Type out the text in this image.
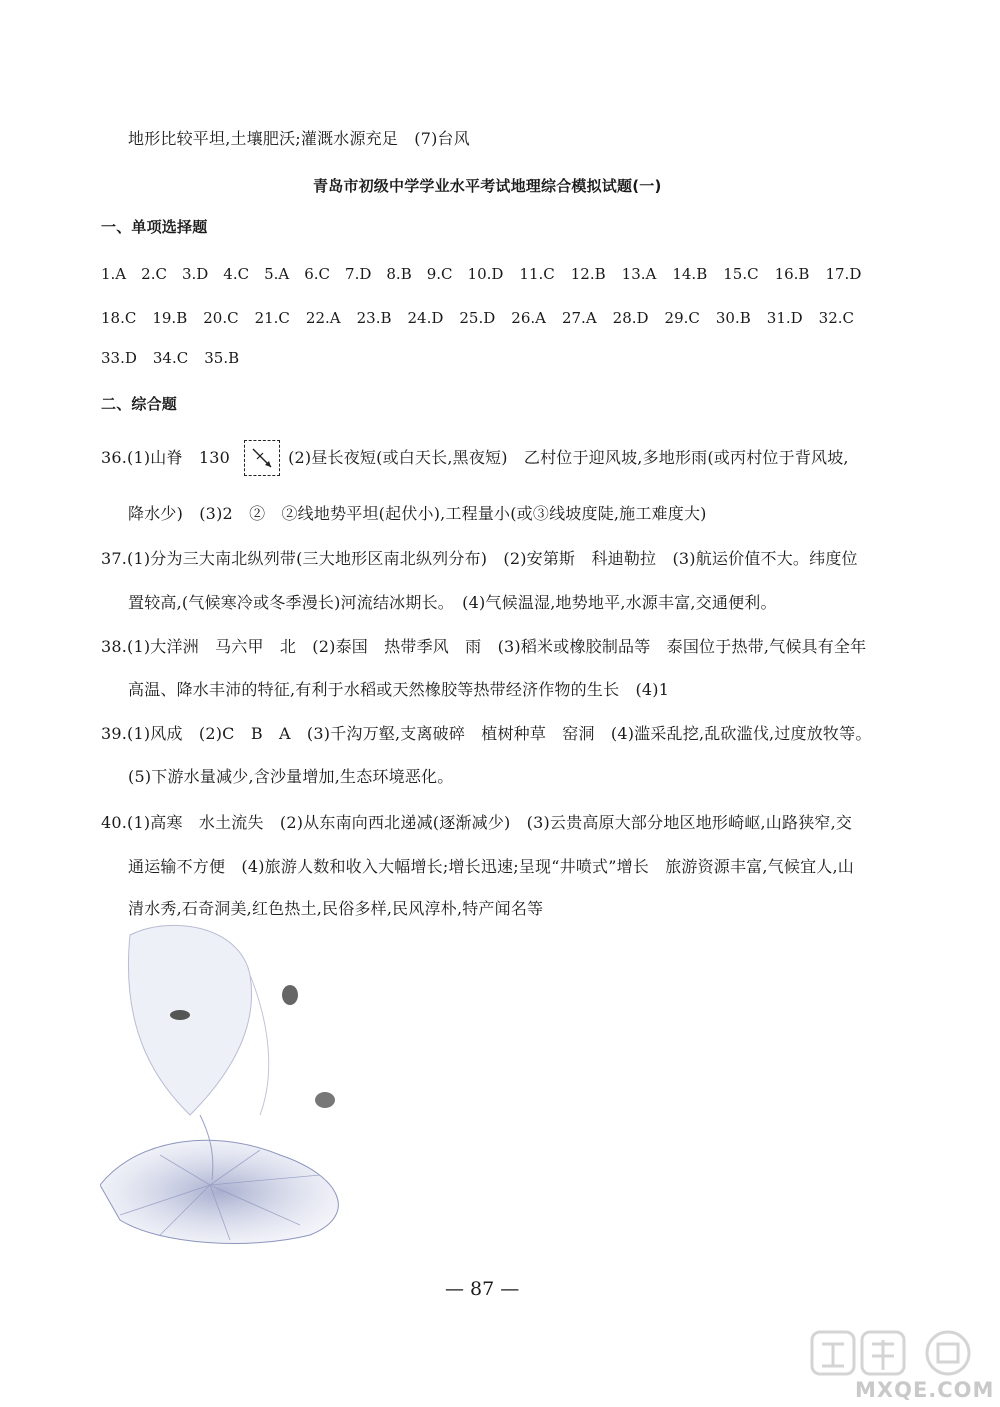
地形比较平坦,土壤肥沃;灌溉水源充足　(7)台风
青岛市初级中学学业水平考试地理综合模拟试题(一)
一、单项选择题
1.A 2.C 3.D 4.C 5.A 6.C 7.D 8.B 9.C 10.D 11.C 12.B 13.A 14.B 15.C 16.B 17.D
18.C 19.B 20.C 21.C 22.A 23.B 24.D 25.D 26.A 27.A 28.D 29.C 30.B 31.D 32.C
33.D 34.C 35.B
二、综合题
36.(1)山脊　130	(2)昼长夜短(或白天长,黑夜短)　乙村位于迎风坡,多地形雨(或丙村位于背风坡,
降水少)　(3)2　②　②线地势平坦(起伏小),工程量小(或③线坡度陡,施工难度大)
37.(1)分为三大南北纵列带(三大地形区南北纵列分布)　(2)安第斯　科迪勒拉　(3)航运价值不大。纬度位
置较高,(气候寒冷或冬季漫长)河流结冰期长。　(4)气候温湿,地势地平,水源丰富,交通便利。
38.(1)大洋洲　马六甲　北　(2)泰国　热带季风　雨　(3)稻米或橡胶制品等　泰国位于热带,气候具有全年
高温、降水丰沛的特征,有利于水稻或天然橡胶等热带经济作物的生长　(4)1
39.(1)风成　(2)C　B　A　(3)千沟万壑,支离破碎　植树种草　窑洞　(4)滥采乱挖,乱砍滥伐,过度放牧等。
(5)下游水量减少,含沙量增加,生态环境恶化。
40.(1)高寒　水土流失　(2)从东南向西北递减(逐渐减少)　(3)云贵高原大部分地区地形崎岖,山路狭窄,交
通运输不方便　(4)旅游人数和收入大幅增长;增长迅速;呈现“井喷式”增长　旅游资源丰富,气候宜人,山
清水秀,石奇洞美,红色热土,民俗多样,民风淳朴,特产闻名等
— 87 —
MXQE.COM
